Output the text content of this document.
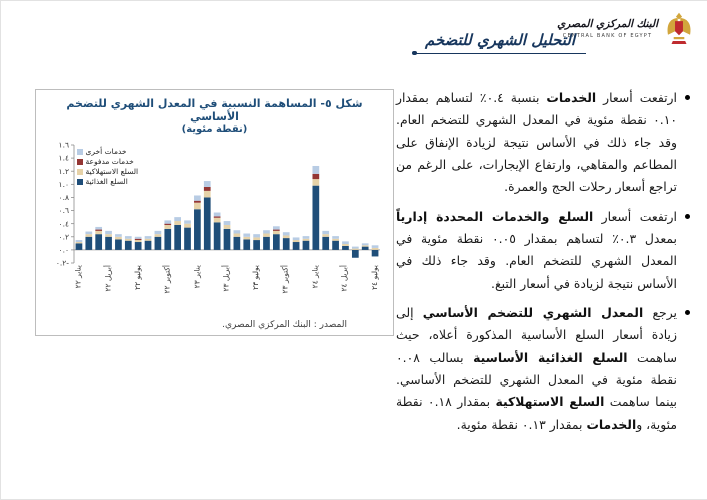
البنك المركزي المصري
CENTRAL BANK OF EGYPT
التحليل الشهري للتضخم
شكل ٥- المساهمة النسبية في المعدل الشهري للتضخم الأساسي
(نقطة مئوية)
٠.٢-
٠.٠
٠.٢
٠.٤
٠.٦
٠.٨
١.٠
١.٢
١.٤
١.٦
خدمات أخرى
خدمات مدفوعة
السلع الاستهلاكية
السلع الغذائية
يناير ٢٢
أبريل ٢٢
يوليو ٢٢
أكتوبر ٢٢	يناير ٢٣
أبريل ٢٣
يوليو ٢٣
أكتوبر ٢٣	يناير ٢٤
أبريل ٢٤
يوليو ٢٤
المصدر : البنك المركزي المصري.
ارتفعت أسعار الخدمات بنسبة ٠.٤٪ لتساهم بمقدار ٠.١٠ نقطة مئوية في المعدل الشهري للتضخم العام. وقد جاء ذلك في الأساس نتيجة لزيادة الإنفاق على المطاعم والمقاهي، وارتفاع الإيجارات، على الرغم من تراجع أسعار رحلات الحج والعمرة.
ارتفعت أسعار السلع والخدمات المحددة إدارياً بمعدل ٠.٣٪ لتساهم بمقدار ٠.٠٥ نقطة مئوية في المعدل الشهري للتضخم العام. وقد جاء ذلك في الأساس نتيجة لزيادة في أسعار التبغ.
يرجع المعدل الشهري للتضخم الأساسي إلى زيادة أسعار السلع الأساسية المذكورة أعلاه، حيث ساهمت السلع الغذائية الأساسية بسالب ٠.٠٨ نقطة مئوية في المعدل الشهري للتضخم الأساسي. بينما ساهمت السلع الاستهلاكية بمقدار ٠.١٨ نقطة مئوية، والخدمات بمقدار ٠.١٣ نقطة مئوية.
